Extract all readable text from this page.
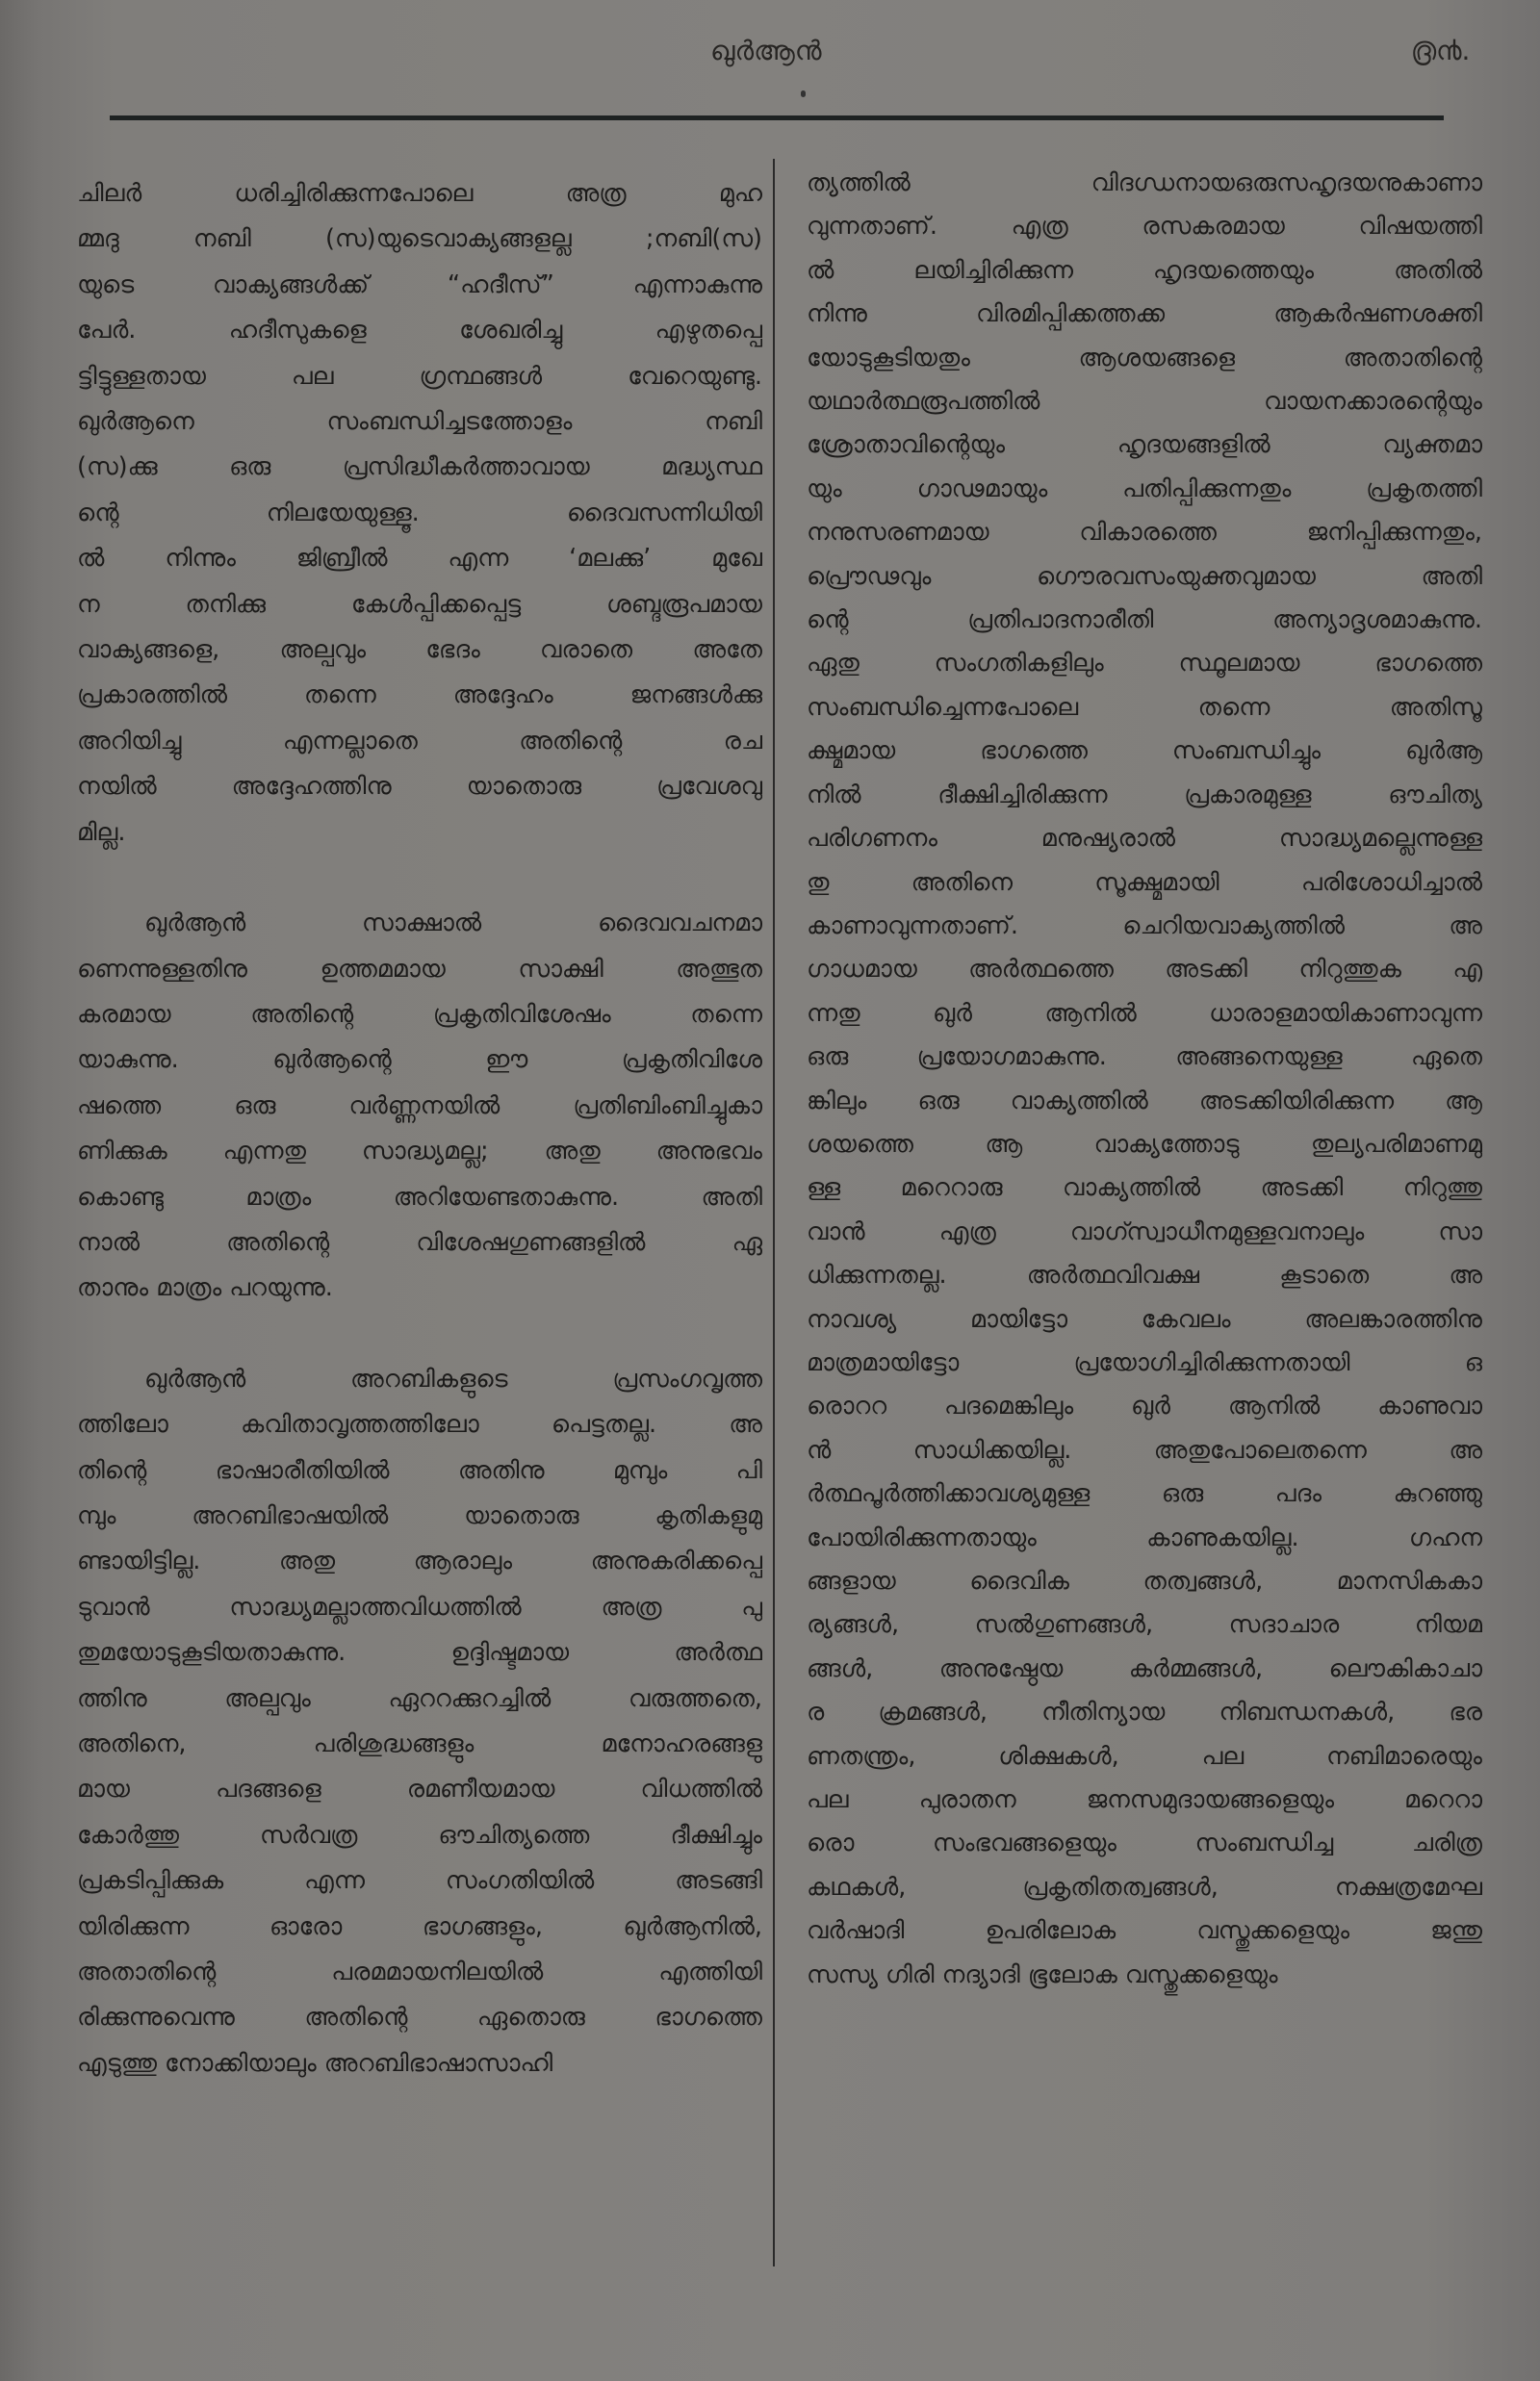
ഖുർആൻ	൫൯.
ചിലർ ധരിച്ചിരിക്കുന്നപോലെ അത്ര മുഹ
മ്മദു നബി (സ)യുടെവാക്യങ്ങളല്ല ;നബി(സ)
യുടെ വാക്യങ്ങൾക്ക് “ഹദീസ്” എന്നാകുന്നു
പേർ. ഹദീസുകളെ ശേഖരിച്ചു എഴുതപ്പെ
ട്ടിട്ടുള്ളതായ പല ഗ്രന്ഥങ്ങൾ വേറെയുണ്ടു.
ഖുർആനെ സംബന്ധിച്ചടത്തോളം നബി
(സ)ക്കു ഒരു പ്രസിദ്ധീകർത്താവായ മദ്ധ്യസ്ഥ
ന്റെ നിലയേയുള്ളൂ. ദൈവസന്നിധിയി
ൽ നിന്നും ജിബ്രീൽ എന്ന ‘മലക്കു’ മുഖേ
ന തനിക്കു കേൾപ്പിക്കപ്പെട്ട ശബ്ദരൂപമായ
വാക്യങ്ങളെ, അല്പവും ഭേദം വരാതെ അതേ
പ്രകാരത്തിൽ തന്നെ അദ്ദേഹം ജനങ്ങൾക്കു
അറിയിച്ചു എന്നല്ലാതെ അതിന്റെ രച
നയിൽ അദ്ദേഹത്തിനു യാതൊരു പ്രവേശവു
മില്ല.
ഖുർആൻ സാക്ഷാൽ ദൈവവചനമാ
ണെന്നുള്ളതിനു ഉത്തമമായ സാക്ഷി അത്ഭുത
കരമായ അതിന്റെ പ്രകൃതിവിശേഷം തന്നെ
യാകുന്നു. ഖുർആന്റെ ഈ പ്രകൃതിവിശേ
ഷത്തെ ഒരു വർണ്ണനയിൽ പ്രതിബിംബിച്ചുകാ
ണിക്കുക എന്നതു സാദ്ധ്യമല്ല; അതു അനുഭവം
കൊണ്ടു മാത്രം അറിയേണ്ടതാകുന്നു. അതി
നാൽ അതിന്റെ വിശേഷഗുണങ്ങളിൽ ഏ
താനും മാത്രം പറയുന്നു.
ഖുർആൻ അറബികളുടെ പ്രസംഗവൃത്ത
ത്തിലോ കവിതാവൃത്തത്തിലോ പെട്ടതല്ല. അ
തിന്റെ ഭാഷാരീതിയിൽ അതിനു മുമ്പും പി
മ്പും അറബിഭാഷയിൽ യാതൊരു കൃതികളുമു
ണ്ടായിട്ടില്ല. അതു ആരാലും അനുകരിക്കപ്പെ
ടുവാൻ സാദ്ധ്യമല്ലാത്തവിധത്തിൽ അത്ര പു
തുമയോടുകൂടിയതാകുന്നു. ഉദ്ദിഷ്ടമായ അർത്ഥ
ത്തിനു അല്പവും ഏററക്കുറച്ചിൽ വരുത്തതെ,
അതിനെ, പരിശുദ്ധങ്ങളും മനോഹരങ്ങളു
മായ പദങ്ങളെ രമണീയമായ വിധത്തിൽ
കോർത്തു സർവത്ര ഔചിത്യത്തെ ദീക്ഷിച്ചും
പ്രകടിപ്പിക്കുക എന്ന സംഗതിയിൽ അടങ്ങി
യിരിക്കുന്ന ഓരോ ഭാഗങ്ങളും, ഖുർആനിൽ,
അതാതിന്റെ പരമമായനിലയിൽ എത്തിയി
രിക്കുന്നുവെന്നു അതിന്റെ ഏതൊരു ഭാഗത്തെ
എടുത്തു നോക്കിയാലും അറബിഭാഷാസാഹി
ത്യത്തിൽ വിദഗ്ധനായഒരുസഹൃദയനുകാണാ
വുന്നതാണ്. എത്ര രസകരമായ വിഷയത്തി
ൽ ലയിച്ചിരിക്കുന്ന ഹൃദയത്തെയും അതിൽ
നിന്നു വിരമിപ്പിക്കത്തക്ക ആകർഷണശക്തി
യോടുകൂടിയതും ആശയങ്ങളെ അതാതിന്റെ
യഥാർത്ഥരൂപത്തിൽ വായനക്കാരന്റെയും
ശ്രോതാവിന്റെയും ഹൃദയങ്ങളിൽ വ്യക്തമാ
യും ഗാഢമായും പതിപ്പിക്കുന്നതും പ്രകൃതത്തി
നനുസരണമായ വികാരത്തെ ജനിപ്പിക്കുന്നതും,
പ്രൌഢവും ഗൌരവസംയുക്തവുമായ അതി
ന്റെ പ്രതിപാദനാരീതി അന്യാദൃശമാകുന്നു.
ഏതു സംഗതികളിലും സ്ഥൂലമായ ഭാഗത്തെ
സംബന്ധിച്ചെന്നപോലെ തന്നെ അതിസൂ
ക്ഷ്മമായ ഭാഗത്തെ സംബന്ധിച്ചും ഖുർആ
നിൽ ദീക്ഷിച്ചിരിക്കുന്ന പ്രകാരമുള്ള ഔചിത്യ
പരിഗണനം മനുഷ്യരാൽ സാദ്ധ്യമല്ലെന്നുള്ള
തു അതിനെ സൂക്ഷ്മമായി പരിശോധിച്ചാൽ
കാണാവുന്നതാണ്. ചെറിയവാക്യത്തിൽ അ
ഗാധമായ അർത്ഥത്തെ അടക്കി നിറുത്തുക എ
ന്നതു ഖുർ ആനിൽ ധാരാളമായികാണാവുന്ന
ഒരു പ്രയോഗമാകുന്നു. അങ്ങനെയുള്ള ഏതെ
ങ്കിലും ഒരു വാക്യത്തിൽ അടക്കിയിരിക്കുന്ന ആ
ശയത്തെ ആ വാക്യത്തോടു തുല്യപരിമാണമു
ള്ള മറെറാരു വാക്യത്തിൽ അടക്കി നിറുത്തു
വാൻ എത്ര വാഗ്സ്വാധീനമുള്ളവനാലും സാ
ധിക്കുന്നതല്ല. അർത്ഥവിവക്ഷ കൂടാതെ അ
നാവശ്യ മായിട്ടോ കേവലം അലങ്കാരത്തിനു
മാത്രമായിട്ടോ പ്രയോഗിച്ചിരിക്കുന്നതായി ഒ
രൊററ പദമെങ്കിലും ഖുർ ആനിൽ കാണുവാ
ൻ സാധിക്കയില്ല. അതുപോലെതന്നെ അ
ർത്ഥപൂർത്തിക്കാവശ്യമുള്ള ഒരു പദം കുറഞ്ഞു
പോയിരിക്കുന്നതായും കാണുകയില്ല. ഗഹന
ങ്ങളായ ദൈവിക തത്വങ്ങൾ, മാനസികകാ
ര്യങ്ങൾ, സൽഗുണങ്ങൾ, സദാചാര നിയമ
ങ്ങൾ, അനുഷ്ഠേയ കർമ്മങ്ങൾ, ലൌകികാചാ
ര ക്രമങ്ങൾ, നീതിന്യായ നിബന്ധനകൾ, ഭര
ണതന്ത്രം, ശിക്ഷകൾ, പല നബിമാരെയും
പല പുരാതന ജനസമുദായങ്ങളെയും മറെറാ
രൊ സംഭവങ്ങളെയും സംബന്ധിച്ച ചരിത്ര
കഥകൾ, പ്രകൃതിതത്വങ്ങൾ, നക്ഷത്രമേഘ
വർഷാദി ഉപരിലോക വസ്തുക്കളെയും ജന്തു
സസ്യ ഗിരി നദ്യാദി ഭൂലോക വസ്തുക്കളെയും
